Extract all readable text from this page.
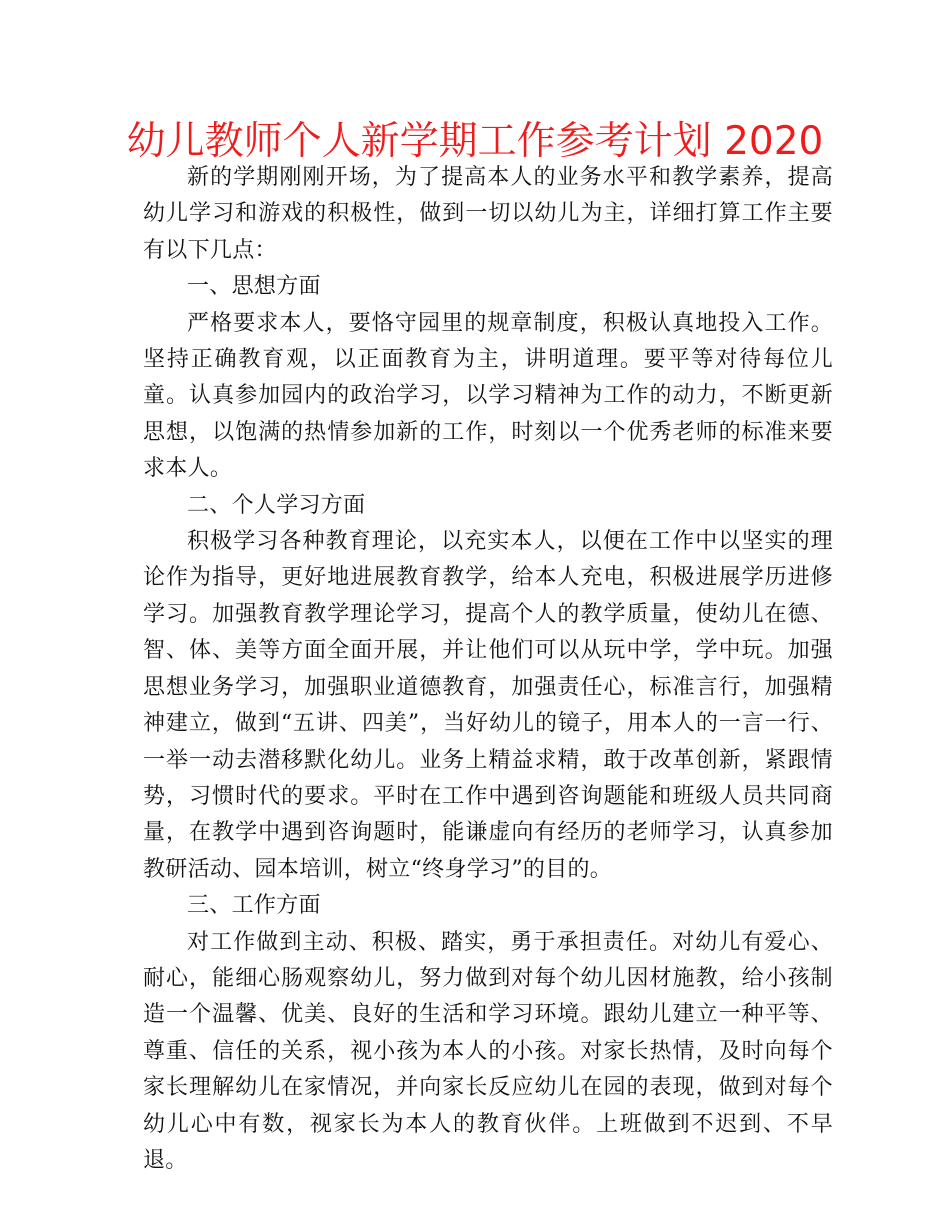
幼儿教师个人新学期工作参考计划 2020

新的学期刚刚开场，为了提高本人的业务水平和教学素养，提高幼儿学习和游戏的积极性，做到一切以幼儿为主，详细打算工作主要有以下几点：

一、思想方面

严格要求本人，要恪守园里的规章制度，积极认真地投入工作。坚持正确教育观，以正面教育为主，讲明道理。要平等对待每位儿童。认真参加园内的政治学习，以学习精神为工作的动力，不断更新思想，以饱满的热情参加新的工作，时刻以一个优秀老师的标准来要求本人。

二、个人学习方面

积极学习各种教育理论，以充实本人，以便在工作中以坚实的理论作为指导，更好地进展教育教学，给本人充电，积极进展学历进修学习。加强教育教学理论学习，提高个人的教学质量，使幼儿在德、智、体、美等方面全面开展，并让他们可以从玩中学，学中玩。加强思想业务学习，加强职业道德教育，加强责任心，标准言行，加强精神建立，做到“五讲、四美”，当好幼儿的镜子，用本人的一言一行、一举一动去潜移默化幼儿。业务上精益求精，敢于改革创新，紧跟情势，习惯时代的要求。平时在工作中遇到咨询题能和班级人员共同商量，在教学中遇到咨询题时，能谦虚向有经历的老师学习，认真参加教研活动、园本培训，树立“终身学习”的目的。

三、工作方面

对工作做到主动、积极、踏实，勇于承担责任。对幼儿有爱心、耐心，能细心肠观察幼儿，努力做到对每个幼儿因材施教，给小孩制造一个温馨、优美、良好的生活和学习环境。跟幼儿建立一种平等、尊重、信任的关系，视小孩为本人的小孩。对家长热情，及时向每个家长理解幼儿在家情况，并向家长反应幼儿在园的表现，做到对每个幼儿心中有数，视家长为本人的教育伙伴。上班做到不迟到、不早退。
